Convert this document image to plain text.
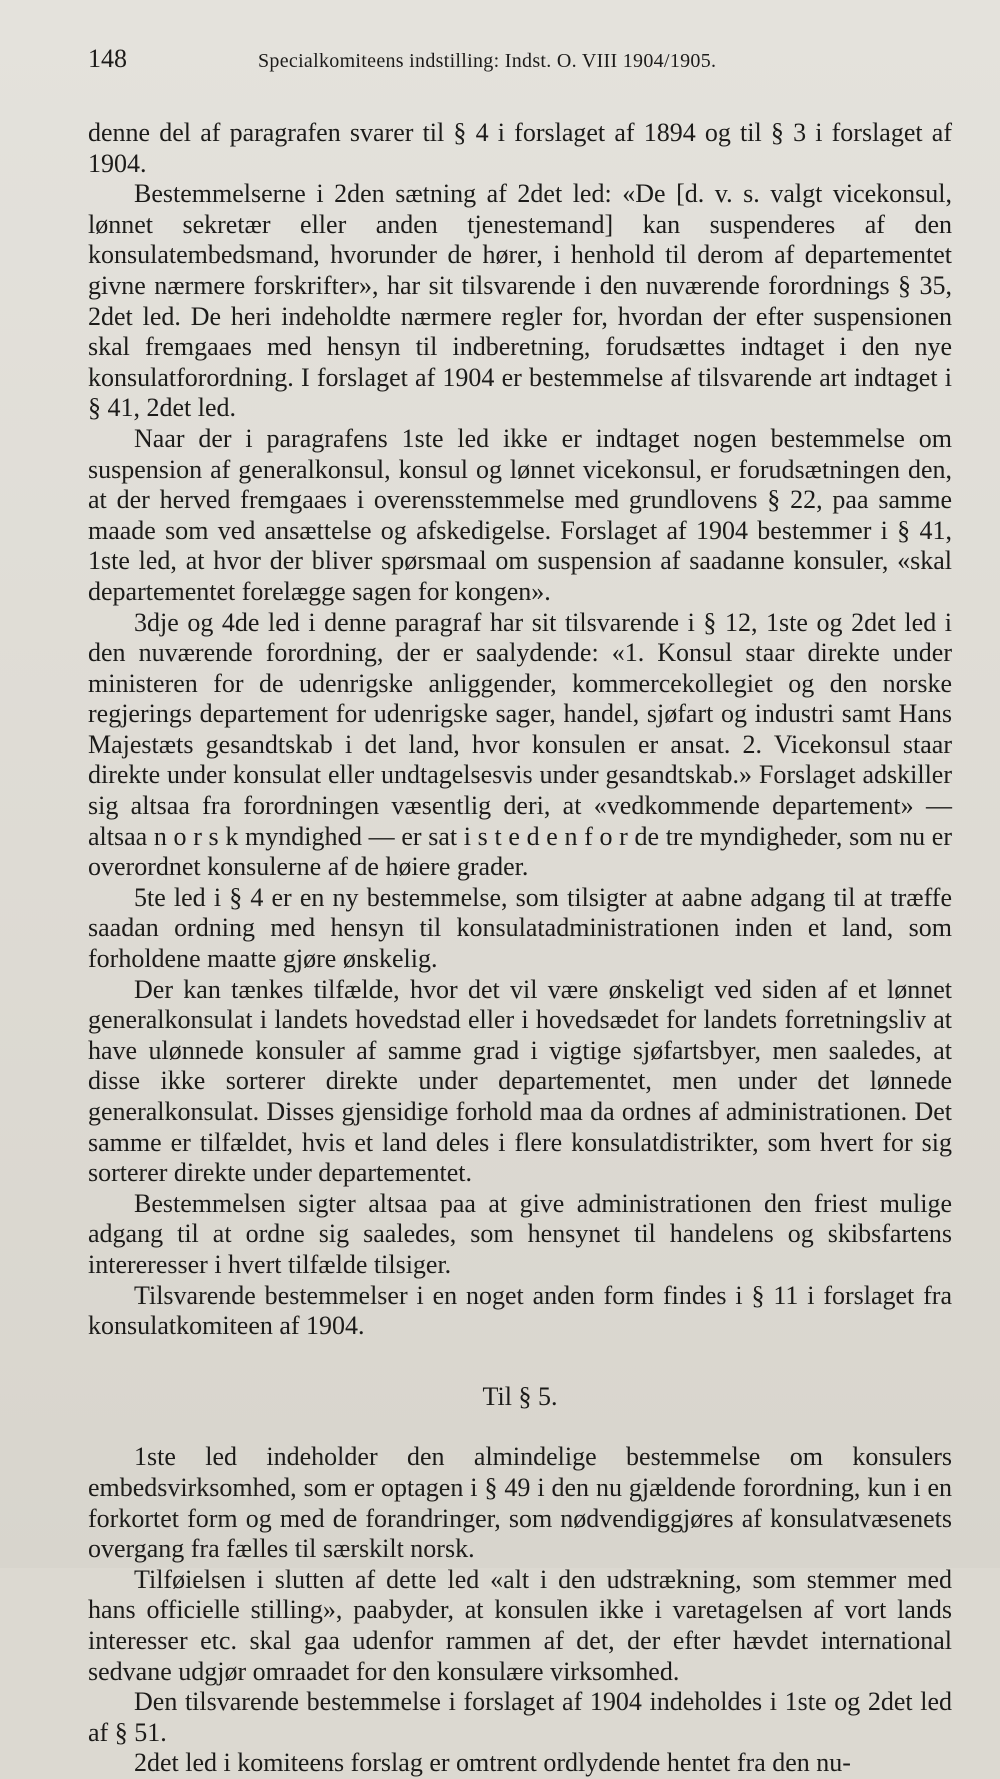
148	Specialkomiteens indstilling: Indst. O. VIII 1904/1905.

denne del af paragrafen svarer til § 4 i forslaget af 1894 og til § 3 i forslaget af 1904.

Bestemmelserne i 2den sætning af 2det led: «De [d. v. s. valgt vicekonsul, lønnet sekretær eller anden tjenestemand] kan suspenderes af den konsulatembedsmand, hvorunder de hører, i henhold til derom af departementet givne nærmere forskrifter», har sit tilsvarende i den nuværende forordnings § 35, 2det led. De heri indeholdte nærmere regler for, hvordan der efter suspensionen skal fremgaaes med hensyn til indberetning, forudsættes indtaget i den nye konsulatforordning. I forslaget af 1904 er bestemmelse af tilsvarende art indtaget i § 41, 2det led.

Naar der i paragrafens 1ste led ikke er indtaget nogen bestemmelse om suspension af generalkonsul, konsul og lønnet vicekonsul, er forudsætningen den, at der herved fremgaaes i overensstemmelse med grundlovens § 22, paa samme maade som ved ansættelse og afskedigelse. Forslaget af 1904 bestemmer i § 41, 1ste led, at hvor der bliver spørsmaal om suspension af saadanne konsuler, «skal departementet forelægge sagen for kongen».

3dje og 4de led i denne paragraf har sit tilsvarende i § 12, 1ste og 2det led i den nuværende forordning, der er saalydende: «1. Konsul staar direkte under ministeren for de udenrigske anliggender, kommercekollegiet og den norske regjerings departement for udenrigske sager, handel, sjøfart og industri samt Hans Majestæts gesandtskab i det land, hvor konsulen er ansat. 2. Vicekonsul staar direkte under konsulat eller undtagelsesvis under gesandtskab.» Forslaget adskiller sig altsaa fra forordningen væsentlig deri, at «vedkommende departement» — altsaa n o r s k myndighed — er sat i s t e d e n f o r de tre myndigheder, som nu er overordnet konsulerne af de høiere grader.

5te led i § 4 er en ny bestemmelse, som tilsigter at aabne adgang til at træffe saadan ordning med hensyn til konsulatadministrationen inden et land, som forholdene maatte gjøre ønskelig.

Der kan tænkes tilfælde, hvor det vil være ønskeligt ved siden af et lønnet generalkonsulat i landets hovedstad eller i hovedsædet for landets forretningsliv at have ulønnede konsuler af samme grad i vigtige sjøfartsbyer, men saaledes, at disse ikke sorterer direkte under departementet, men under det lønnede generalkonsulat. Disses gjensidige forhold maa da ordnes af administrationen. Det samme er tilfældet, hvis et land deles i flere konsulatdistrikter, som hvert for sig sorterer direkte under departementet.

Bestemmelsen sigter altsaa paa at give administrationen den friest mulige adgang til at ordne sig saaledes, som hensynet til handelens og skibsfartens intereresser i hvert tilfælde tilsiger.

Tilsvarende bestemmelser i en noget anden form findes i § 11 i forslaget fra konsulatkomiteen af 1904.

Til § 5.

1ste led indeholder den almindelige bestemmelse om konsulers embedsvirksomhed, som er optagen i § 49 i den nu gjældende forordning, kun i en forkortet form og med de forandringer, som nødvendiggjøres af konsulatvæsenets overgang fra fælles til særskilt norsk.

Tilføielsen i slutten af dette led «alt i den udstrækning, som stemmer med hans officielle stilling», paabyder, at konsulen ikke i varetagelsen af vort lands interesser etc. skal gaa udenfor rammen af det, der efter hævdet international sedvane udgjør omraadet for den konsulære virksomhed.

Den tilsvarende bestemmelse i forslaget af 1904 indeholdes i 1ste og 2det led af § 51.

2det led i komiteens forslag er omtrent ordlydende hentet fra den nu-
